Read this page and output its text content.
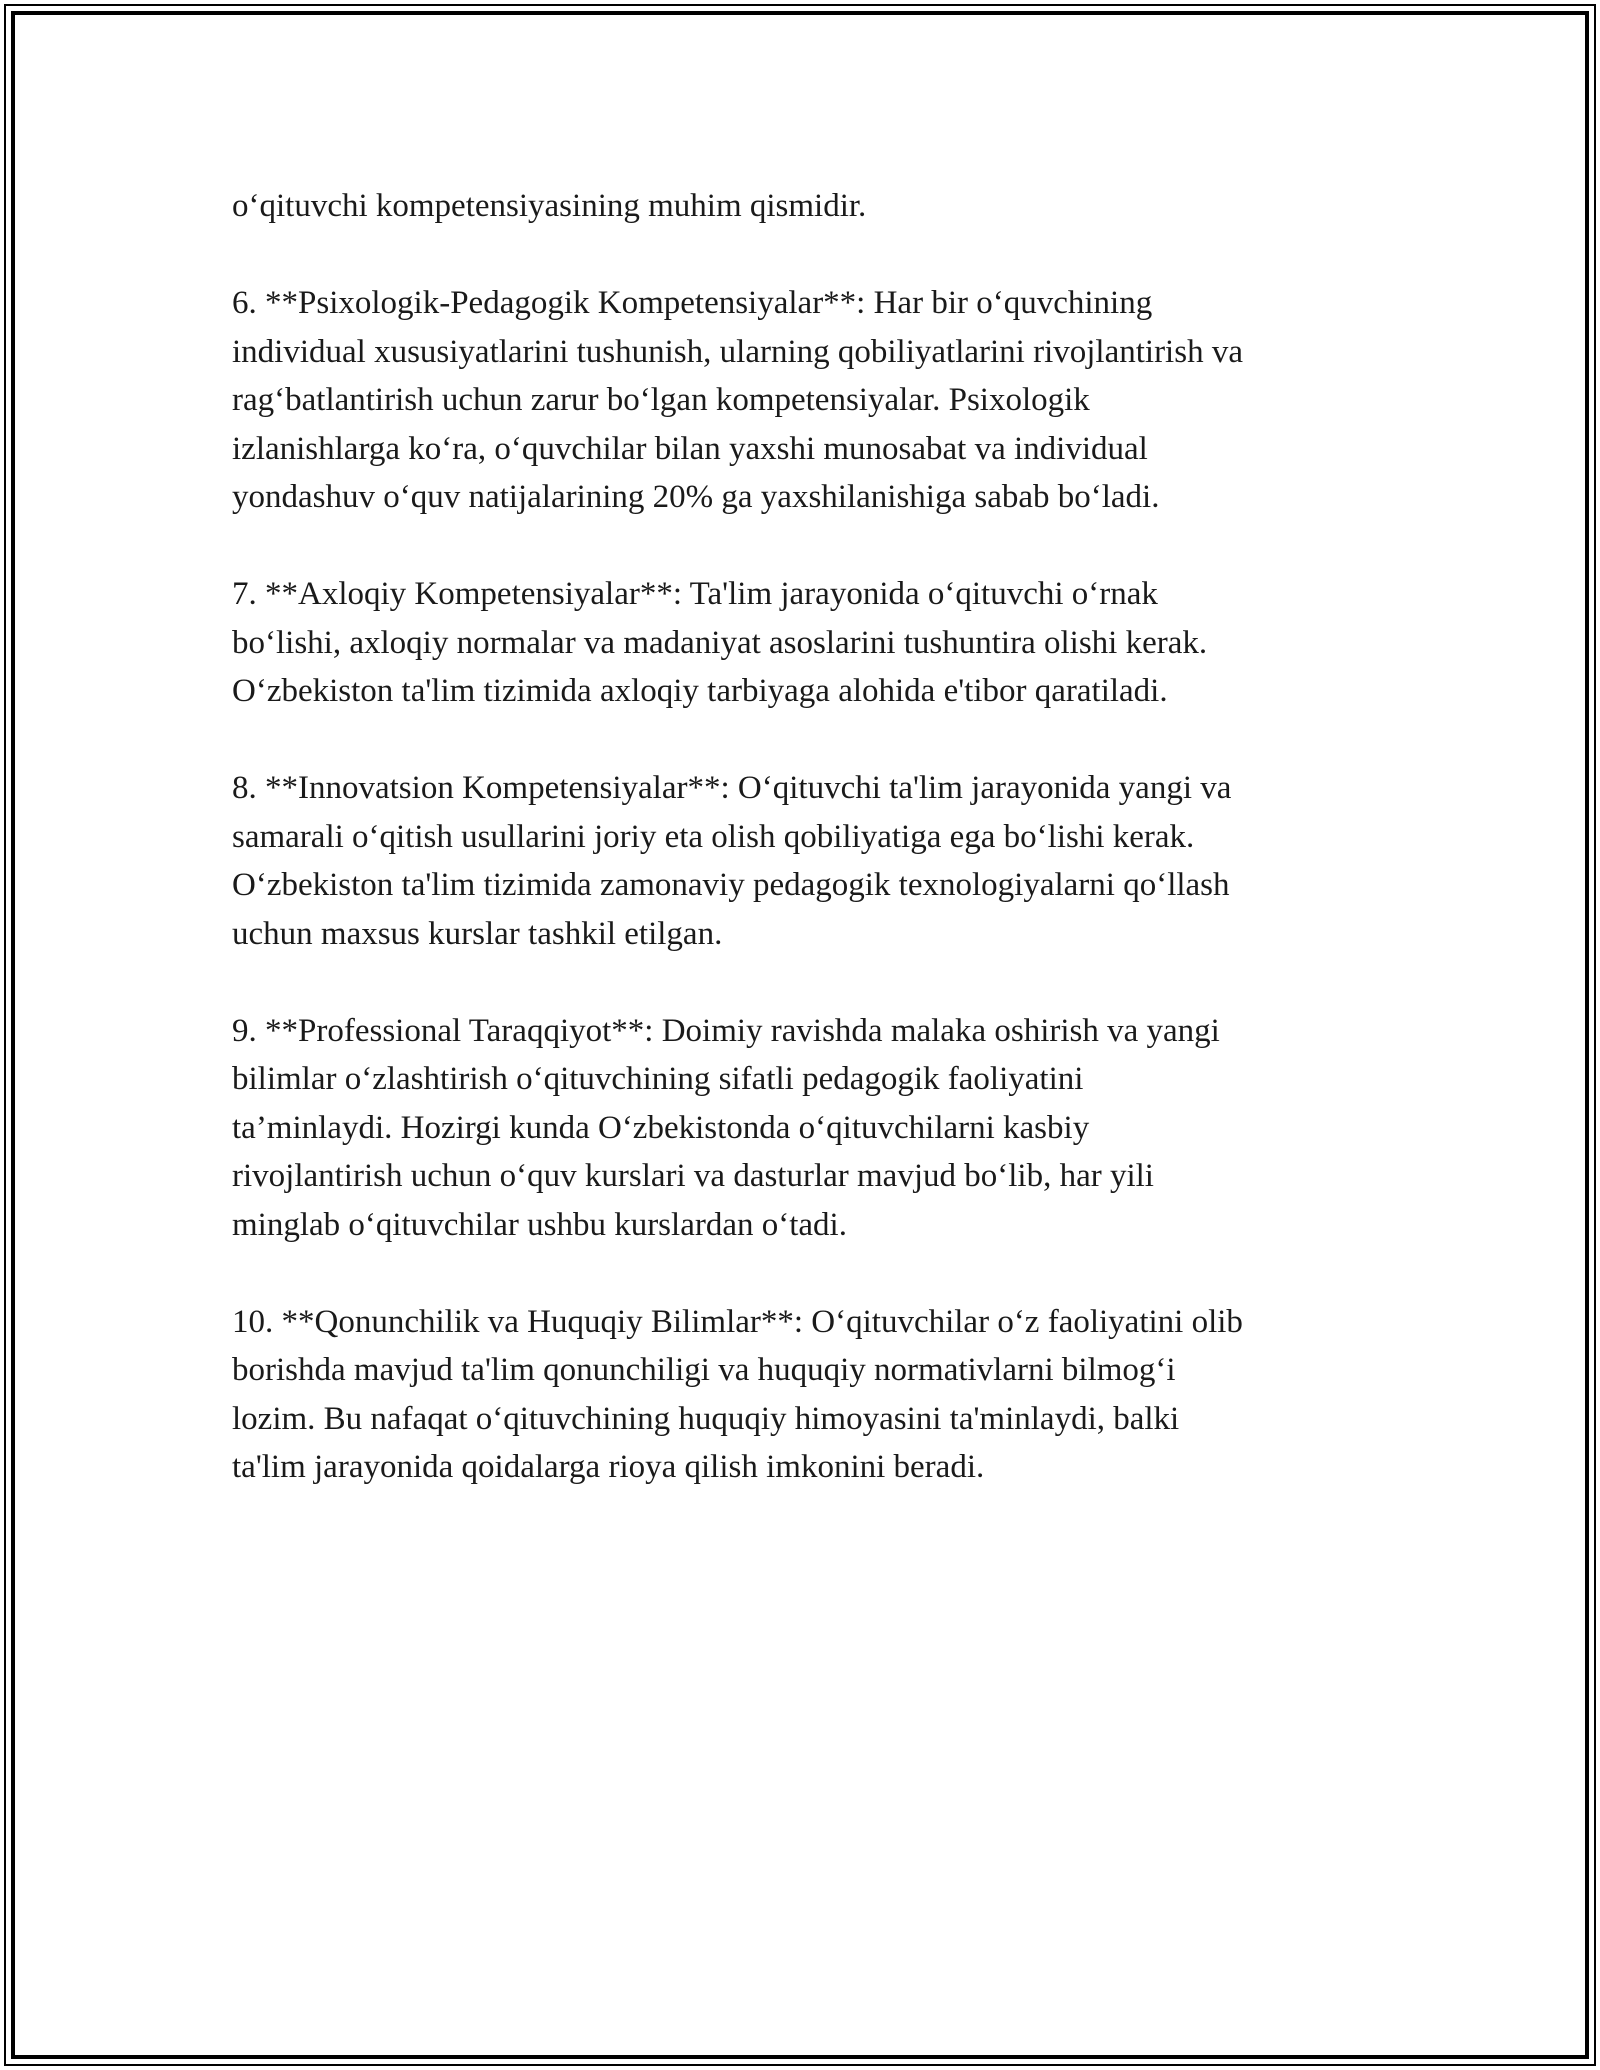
oʻqituvchi kompetensiyasining muhim qismidir.

6. **Psixologik-Pedagogik Kompetensiyalar**: Har bir oʻquvchining
individual xususiyatlarini tushunish, ularning qobiliyatlarini rivojlantirish va
ragʻbatlantirish uchun zarur boʻlgan kompetensiyalar. Psixologik
izlanishlarga koʻra, oʻquvchilar bilan yaxshi munosabat va individual
yondashuv oʻquv natijalarining 20% ga yaxshilanishiga sabab boʻladi.

7. **Axloqiy Kompetensiyalar**: Ta'lim jarayonida oʻqituvchi oʻrnak
boʻlishi, axloqiy normalar va madaniyat asoslarini tushuntira olishi kerak.
Oʻzbekiston ta'lim tizimida axloqiy tarbiyaga alohida e'tibor qaratiladi.

8. **Innovatsion Kompetensiyalar**: Oʻqituvchi ta'lim jarayonida yangi va
samarali oʻqitish usullarini joriy eta olish qobiliyatiga ega boʻlishi kerak.
Oʻzbekiston ta'lim tizimida zamonaviy pedagogik texnologiyalarni qoʻllash
uchun maxsus kurslar tashkil etilgan.

9. **Professional Taraqqiyot**: Doimiy ravishda malaka oshirish va yangi
bilimlar oʻzlashtirish oʻqituvchining sifatli pedagogik faoliyatini
ta’minlaydi. Hozirgi kunda Oʻzbekistonda oʻqituvchilarni kasbiy
rivojlantirish uchun oʻquv kurslari va dasturlar mavjud boʻlib, har yili
minglab oʻqituvchilar ushbu kurslardan oʻtadi.

10. **Qonunchilik va Huquqiy Bilimlar**: Oʻqituvchilar oʻz faoliyatini olib
borishda mavjud ta'lim qonunchiligi va huquqiy normativlarni bilmogʻi
lozim. Bu nafaqat oʻqituvchining huquqiy himoyasini ta'minlaydi, balki
ta'lim jarayonida qoidalarga rioya qilish imkonini beradi.
